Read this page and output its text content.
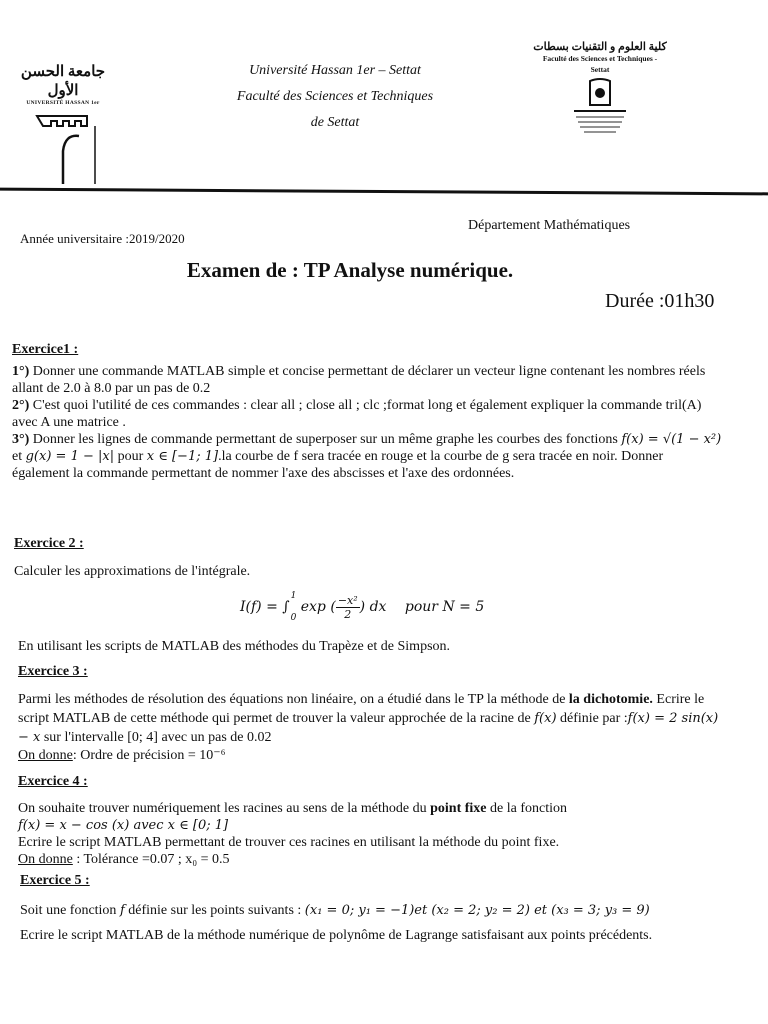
جامعة الحسن الأول
UNIVERSITÉ HASSAN 1er
Université Hassan 1er – Settat
Faculté des Sciences et Techniques
de Settat
كلية العلوم و التقنيات بسطات
Faculté des Sciences et Techniques -
Settat
Département Mathématiques
Année universitaire :2019/2020
Examen de : TP Analyse numérique.
Durée :01h30

Exercice1 :

1°) Donner une commande MATLAB simple et concise permettant de déclarer un vecteur ligne contenant les nombres réels allant de 2.0 à 8.0 par un pas de 0.2

2°) C'est quoi l'utilité de ces commandes : clear all ; close all ; clc ;format long et également expliquer la commande tril(A) avec A une matrice .

3°) Donner les lignes de commande permettant de superposer sur un même graphe les courbes des fonctions f(x) = √(1 − x²) et g(x) = 1 − |x| pour x ∈ [−1; 1].la courbe de f sera tracée en rouge et la courbe de g sera tracée en noir. Donner également la commande permettant de nommer l'axe des abscisses et l'axe des ordonnées.

Exercice 2 :

Calculer les approximations de l'intégrale.

I(f) = ∫
1
0
exp ( $\frac{\text{−x²}}{2}$ ) dx pour N = 5
En utilisant les scripts de MATLAB des méthodes du Trapèze et de Simpson.

Exercice 3 :

Parmi les méthodes de résolution des équations non linéaire, on a étudié dans le TP la méthode de la dichotomie. Ecrire le script MATLAB de cette méthode qui permet de trouver la valeur approchée de la racine de f(x) définie par :f(x) = 2 sin(x) − x sur l'intervalle [0; 4] avec un pas de 0.02

On donne: Ordre de précision = 10⁻⁶

Exercice 4 :

On souhaite trouver numériquement les racines au sens de la méthode du point fixe de la fonction

f(x) = x − cos (x) avec x ∈ [0; 1]

Ecrire le script MATLAB permettant de trouver ces racines en utilisant la méthode du point fixe.

On donne : Tolérance =0.07 ; x₀ = 0.5

Exercice 5 :

Soit une fonction f définie sur les points suivants : (x₁ = 0; y₁ = −1)et (x₂ = 2; y₂ = 2) et (x₃ = 3; y₃ = 9)

Ecrire le script MATLAB de la méthode numérique de polynôme de Lagrange satisfaisant aux points précédents.
